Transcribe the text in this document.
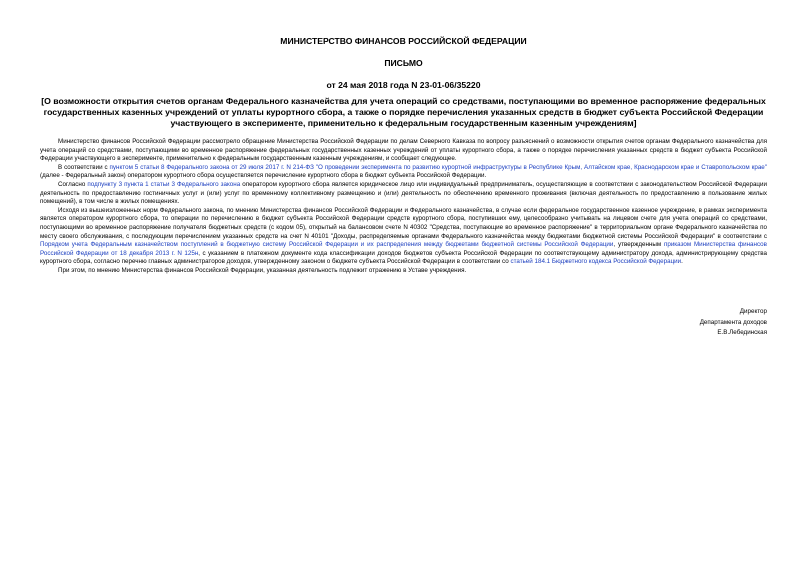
МИНИСТЕРСТВО ФИНАНСОВ РОССИЙСКОЙ ФЕДЕРАЦИИ

ПИСЬМО

от 24 мая 2018 года N 23-01-06/35220

[О возможности открытия счетов органам Федерального казначейства для учета операций со средствами, поступающими во временное распоряжение федеральных государственных казенных учреждений от уплаты курортного сбора, а также о порядке перечисления указанных средств в бюджет субъекта Российской Федерации участвующего в эксперименте, применительно к федеральным государственным казенным учреждениям]

Министерство финансов Российской Федерации рассмотрело обращение Министерства Российской Федерации по делам Северного Кавказа по вопросу разъяснений о возможности открытия счетов органам Федерального казначейства для учета операций со средствами, поступающими во временное распоряжение федеральных государственных казенных учреждений от уплаты курортного сбора, а также о порядке перечисления указанных средств в бюджет субъекта Российской Федерации участвующего в эксперименте, применительно к федеральным государственным казенным учреждениям, и сообщает следующее.

В соответствии с пунктом 5 статьи 8 Федерального закона от 29 июля 2017 г. N 214-ФЗ "О проведении эксперимента по развитию курортной инфраструктуры в Республике Крым, Алтайском крае, Краснодарском крае и Ставропольском крае" (далее - Федеральный закон) оператором курортного сбора осуществляется перечисление курортного сбора в бюджет субъекта Российской Федерации.

Согласно подпункту 3 пункта 1 статьи 3 Федерального закона оператором курортного сбора является юридическое лицо или индивидуальный предприниматель, осуществляющие в соответствии с законодательством Российской Федерации деятельность по предоставлению гостиничных услуг и (или) услуг по временному коллективному размещению и (или) деятельность по обеспечению временного проживания (включая деятельность по предоставлению в пользование жилых помещений), в том числе в жилых помещениях.

Исходя из вышеизложенных норм Федерального закона, по мнению Министерства финансов Российской Федерации и Федерального казначейства, в случае если федеральное государственное казенное учреждение, в рамках эксперимента является оператором курортного сбора, то операции по перечислению в бюджет субъекта Российской Федерации средств курортного сбора, поступивших ему, целесообразно учитывать на лицевом счете для учета операций со средствами, поступающими во временное распоряжение получателя бюджетных средств (с кодом 05), открытый на балансовом счете N 40302 "Средства, поступающие во временное распоряжение" в территориальном органе Федерального казначейства по месту своего обслуживания, с последующим перечислением указанных средств на счет N 40101 "Доходы, распределяемые органами Федерального казначейства между бюджетами бюджетной системы Российской Федерации" в соответствии с Порядком учета Федеральным казначейством поступлений в бюджетную систему Российской Федерации и их распределения между бюджетами бюджетной системы Российской Федерации, утвержденным приказом Министерства финансов Российской Федерации от 18 декабря 2013 г. N 125н, с указанием в платежном документе кода классификации доходов бюджетов субъекта Российской Федерации по соответствующему администратору дохода, администрирующему средства курортного сбора, согласно перечню главных администраторов доходов, утвержденному законом о бюджете субъекта Российской Федерации в соответствии со статьей 184.1 Бюджетного кодекса Российской Федерации.

При этом, по мнению Министерства финансов Российской Федерации, указанная деятельность подлежит отражению в Уставе учреждения.

Директор
Департамента доходов
Е.В.Лебединская
